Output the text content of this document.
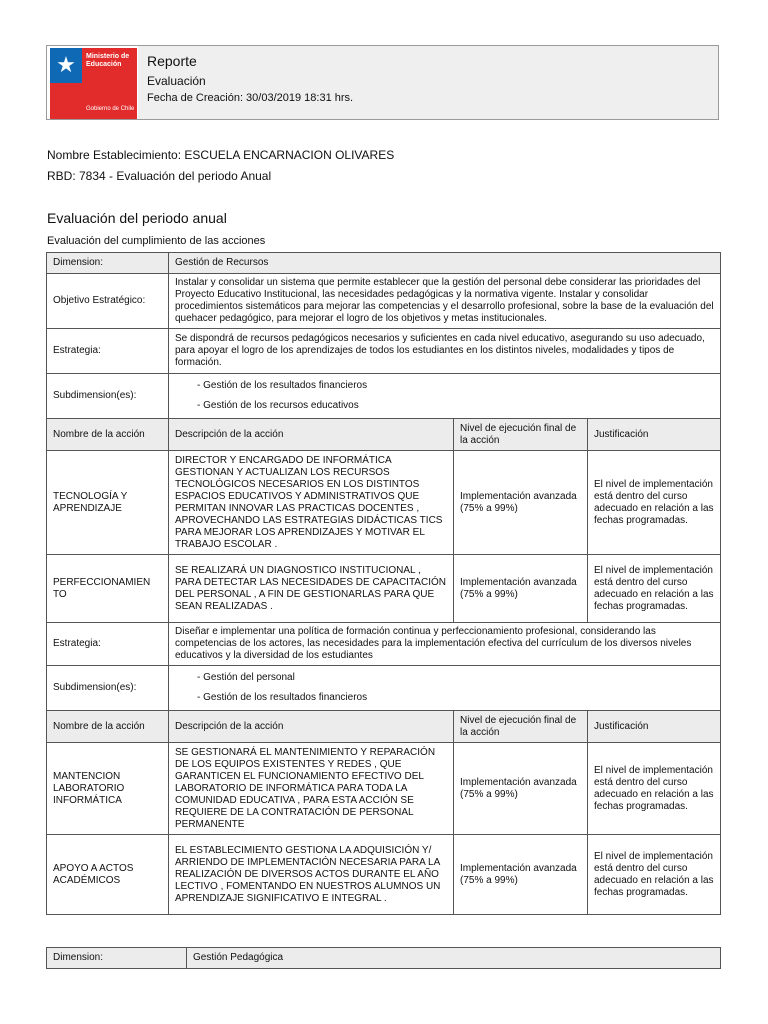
★	Ministerio de
Educación
Gobierno de Chile
Reporte
Evaluación
Fecha de Creación: 30/03/2019 18:31 hrs.
Nombre Establecimiento: ESCUELA ENCARNACION OLIVARES
RBD: 7834 - Evaluación del periodo Anual
Evaluación del periodo anual
Evaluación del cumplimiento de las acciones
Dimension:	Gestión de Recursos		
Objetivo Estratégico:	Instalar y consolidar un sistema que permite establecer que la gestión del personal debe considerar las prioridades del Proyecto Educativo Institucional, las necesidades pedagógicas y la normativa vigente. Instalar y consolidar procedimientos sistemáticos para mejorar las competencias y el desarrollo profesional, sobre la base de la evaluación del quehacer pedagógico, para mejorar el logro de los objetivos y metas institucionales.		
Estrategia:	Se dispondrá de recursos pedagógicos necesarios y suficientes en cada nivel educativo, asegurando su uso adecuado, para apoyar el logro de los aprendizajes de todos los estudiantes en los distintos niveles, modalidades y tipos de formación.		
Subdimension(es):	- Gestión de los resultados financieros
- Gestión de los recursos educativos		

Nombre de la acción	Descripción de la acción	Nivel de ejecución final de la acción	Justificación
TECNOLOGÍA Y APRENDIZAJE	DIRECTOR Y ENCARGADO DE INFORMÁTICA GESTIONAN Y ACTUALIZAN LOS RECURSOS TECNOLÓGICOS NECESARIOS EN LOS DISTINTOS ESPACIOS EDUCATIVOS Y ADMINISTRATIVOS QUE PERMITAN INNOVAR LAS PRACTICAS DOCENTES , APROVECHANDO LAS ESTRATEGIAS DIDÁCTICAS TICS PARA MEJORAR LOS APRENDIZAJES Y MOTIVAR EL TRABAJO ESCOLAR .	Implementación avanzada (75% a 99%)	El nivel de implementación está dentro del curso adecuado en relación a las fechas programadas.
PERFECCIONAMIEN TO	SE REALIZARÁ UN DIAGNOSTICO INSTITUCIONAL , PARA DETECTAR LAS NECESIDADES DE CAPACITACIÓN DEL PERSONAL , A FIN DE GESTIONARLAS PARA QUE SEAN REALIZADAS .	Implementación avanzada (75% a 99%)	El nivel de implementación está dentro del curso adecuado en relación a las fechas programadas.
Estrategia:	Diseñar e implementar una política de formación continua y perfeccionamiento profesional, considerando las competencias de los actores, las necesidades para la implementación efectiva del currículum de los diversos niveles educativos y la diversidad de los estudiantes		
Subdimension(es):	- Gestión del personal
- Gestión de los resultados financieros		

Nombre de la acción	Descripción de la acción	Nivel de ejecución final de la acción	Justificación
MANTENCION LABORATORIO INFORMÁTICA	SE GESTIONARÁ EL MANTENIMIENTO Y REPARACIÓN DE LOS EQUIPOS EXISTENTES Y REDES , QUE GARANTICEN EL FUNCIONAMIENTO EFECTIVO DEL LABORATORIO DE INFORMÁTICA PARA TODA LA COMUNIDAD EDUCATIVA , PARA ESTA ACCIÓN SE REQUIERE DE LA CONTRATACIÓN DE PERSONAL PERMANENTE	Implementación avanzada (75% a 99%)	El nivel de implementación está dentro del curso adecuado en relación a las fechas programadas.
APOYO A ACTOS ACADÉMICOS	EL ESTABLECIMIENTO GESTIONA LA ADQUISICIÓN Y/ ARRIENDO DE IMPLEMENTACIÓN NECESARIA PARA LA REALIZACIÓN DE DIVERSOS ACTOS DURANTE EL AÑO LECTIVO , FOMENTANDO EN NUESTROS ALUMNOS UN APRENDIZAJE SIGNIFICATIVO E INTEGRAL .	Implementación avanzada (75% a 99%)	El nivel de implementación está dentro del curso adecuado en relación a las fechas programadas.
Dimension:	Gestión Pedagógica
